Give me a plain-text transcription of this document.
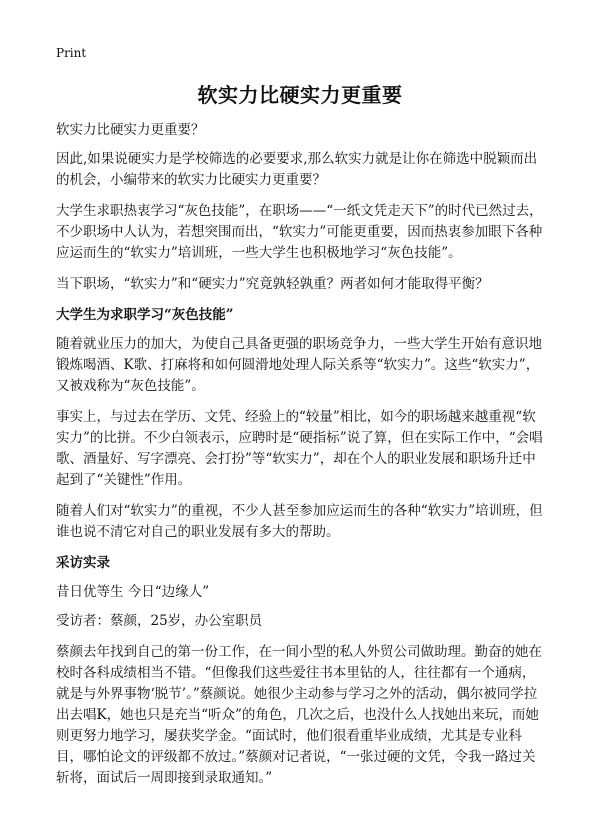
Print
软实力比硬实力更重要

软实力比硬实力更重要？

因此,如果说硬实力是学校筛选的必要要求,那么软实力就是让你在筛选中脱颖而出的机会，小编带来的软实力比硬实力更重要？

大学生求职热衷学习“灰色技能”，在职场——“一纸文凭走天下”的时代已然过去，不少职场中人认为，若想突围而出，“软实力”可能更重要，因而热衷参加眼下各种应运而生的“软实力”培训班，一些大学生也积极地学习“灰色技能”。

当下职场，“软实力”和“硬实力”究竟孰轻孰重？两者如何才能取得平衡？

大学生为求职学习“灰色技能”

随着就业压力的加大，为使自己具备更强的职场竞争力，一些大学生开始有意识地锻炼喝酒、K歌、打麻将和如何圆滑地处理人际关系等“软实力”。这些“软实力”，又被戏称为“灰色技能”。

事实上，与过去在学历、文凭、经验上的“较量”相比，如今的职场越来越重视“软实力”的比拼。不少白领表示，应聘时是“硬指标”说了算，但在实际工作中，“会唱歌、酒量好、写字漂亮、会打扮”等“软实力”，却在个人的职业发展和职场升迁中起到了“关键性”作用。

随着人们对“软实力”的重视，不少人甚至参加应运而生的各种“软实力”培训班，但谁也说不清它对自己的职业发展有多大的帮助。

采访实录

昔日优等生 今日“边缘人”

受访者：蔡颜，25岁，办公室职员

蔡颜去年找到自己的第一份工作，在一间小型的私人外贸公司做助理。勤奋的她在校时各科成绩相当不错。“但像我们这些爱往书本里钻的人，往往都有一个通病，就是与外界事物‘脱节’。”蔡颜说。她很少主动参与学习之外的活动，偶尔被同学拉出去唱K，她也只是充当“听众”的角色，几次之后，也没什么人找她出来玩，而她则更努力地学习，屡获奖学金。“面试时，他们很看重毕业成绩，尤其是专业科目，哪怕论文的评级都不放过。”蔡颜对记者说，“一张过硬的文凭，令我一路过关斩将，面试后一周即接到录取通知。”
